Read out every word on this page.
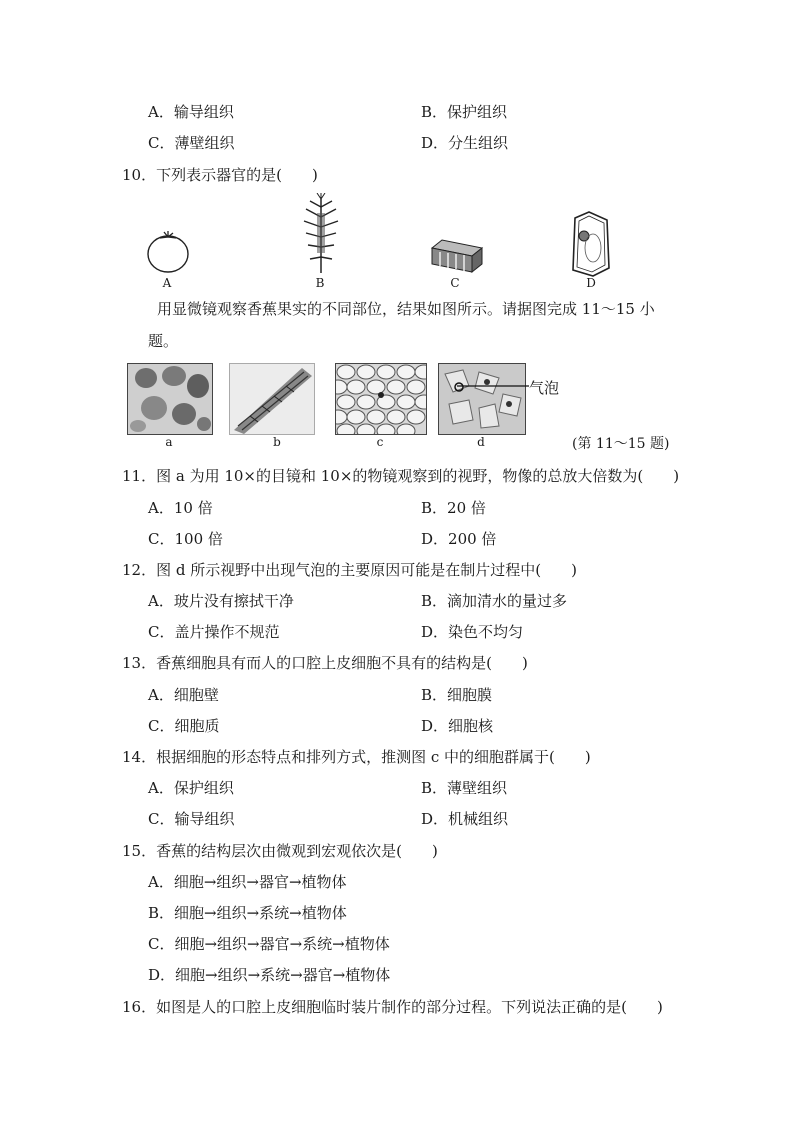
A．输导组织	B．保护组织
C．薄壁组织	D．分生组织
10．下列表示器官的是(　　)
A	B	C	D
用显微镜观察香蕉果实的不同部位，结果如图所示。请据图完成 11～15 小
题。
a	b	c
气泡
d	(第 11～15 题)
11．图 a 为用 10×的目镜和 10×的物镜观察到的视野，物像的总放大倍数为(　　)
A．10 倍	B．20 倍
C．100 倍	D．200 倍
12．图 d 所示视野中出现气泡的主要原因可能是在制片过程中(　　)
A．玻片没有擦拭干净	B．滴加清水的量过多
C．盖片操作不规范	D．染色不均匀
13．香蕉细胞具有而人的口腔上皮细胞不具有的结构是(　　)
A．细胞壁	B．细胞膜
C．细胞质	D．细胞核
14．根据细胞的形态特点和排列方式，推测图 c 中的细胞群属于(　　)
A．保护组织	B．薄壁组织
C．输导组织	D．机械组织
15．香蕉的结构层次由微观到宏观依次是(　　)
A．细胞→组织→器官→植物体
B．细胞→组织→系统→植物体
C．细胞→组织→器官→系统→植物体
D．细胞→组织→系统→器官→植物体
16．如图是人的口腔上皮细胞临时装片制作的部分过程。下列说法正确的是(　　)
